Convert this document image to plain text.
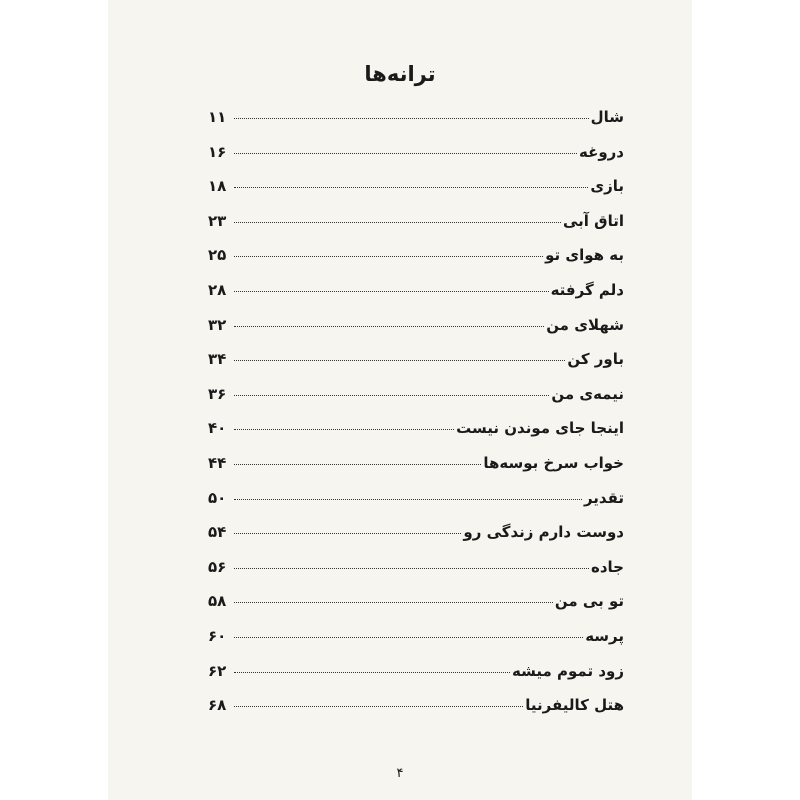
ترانه‌ها
شال
۱۱
دروغه
۱۶
بازی
۱۸
اتاق آبی
۲۳
به هوای تو
۲۵
دلم گرفته
۲۸
شهلای من
۳۲
باور کن
۳۴
نیمه‌ی من
۳۶
اینجا جای موندن نیست
۴۰
خواب سرخ بوسه‌ها
۴۴
تقدیر
۵۰
دوست دارم زندگی رو
۵۴
جاده
۵۶
تو بی من
۵۸
پرسه
۶۰
زود تموم میشه
۶۲
هتل کالیفرنیا
۶۸
۴
